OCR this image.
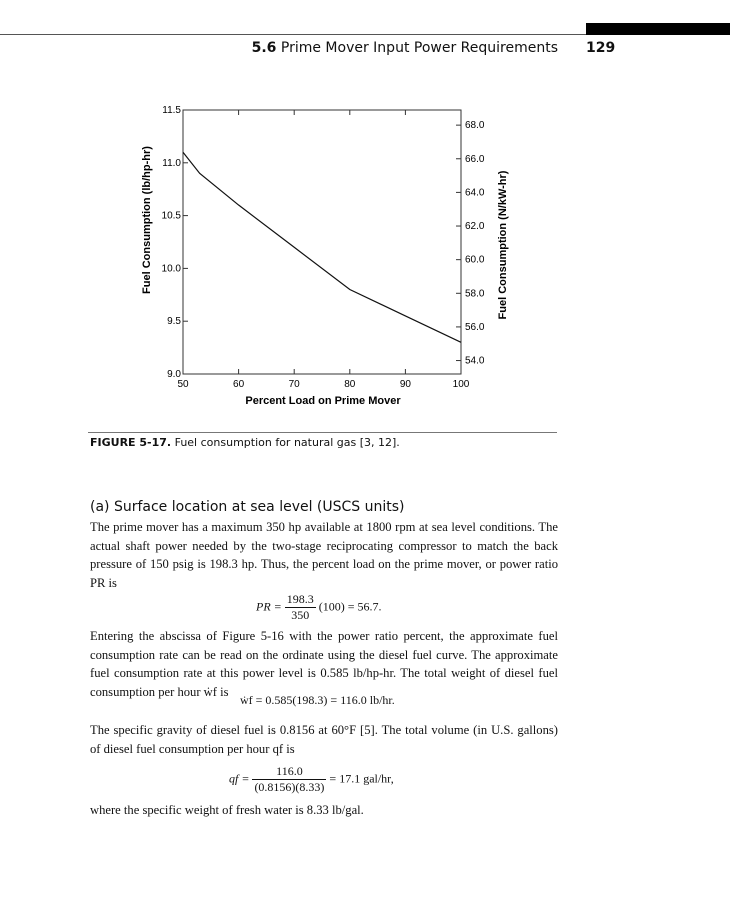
5.6 Prime Mover Input Power Requirements 129
50	60	70	80	90	100
9.0
9.5
10.0
10.5
11.0
11.5
54.0
56.0
58.0
60.0
62.0
64.0
66.0
68.0
Percent Load on Prime Mover
Fuel Consumption (lb/hp-hr)	Fuel Consumption (N/kW-hr)
FIGURE 5-17. Fuel consumption for natural gas [3, 12].
(a) Surface location at sea level (USCS units)

The prime mover has a maximum 350 hp available at 1800 rpm at sea level conditions. The actual shaft power needed by the two-stage reciprocating compressor to match the back pressure of 150 psig is 198.3 hp. Thus, the percent load on the prime mover, or power ratio PR is

PR = $\frac{198.3}{350} (100) = 56.7$.

Entering the abscissa of Figure 5-16 with the power ratio percent, the approximate fuel consumption rate can be read on the ordinate using the diesel fuel curve. The approximate fuel consumption rate at this power level is 0.585 lb/hp-hr. The total weight of diesel fuel consumption per hour ẇf is

ẇf = 0.585(198.3) = 116.0 lb/hr.

The specific gravity of diesel fuel is 0.8156 at 60°F [5]. The total volume (in U.S. gallons) of diesel fuel consumption per hour qf is

qf = $\frac{116.0}{(0.8156)(8.33)} = 17.1$ gal/hr,

where the specific weight of fresh water is 8.33 lb/gal.
